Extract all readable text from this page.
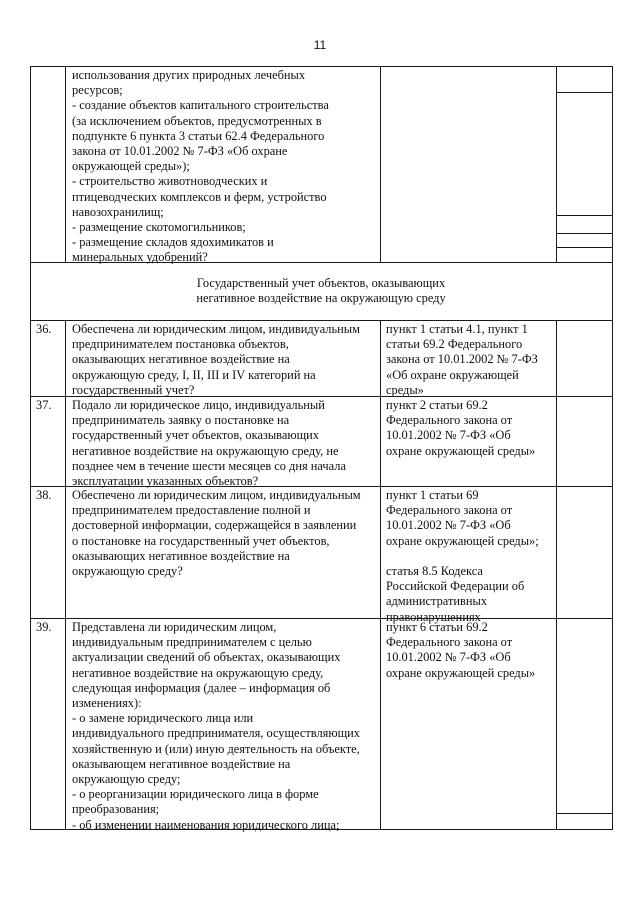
11
использования других природных лечебных
ресурсов;
- создание объектов капитального строительства
(за исключением объектов, предусмотренных в
подпункте 6 пункта 3 статьи 62.4 Федерального
закона от 10.01.2002 № 7-ФЗ «Об охране
окружающей среды»);
- строительство животноводческих и
птицеводческих комплексов и ферм, устройство
навозохранилищ;
- размещение скотомогильников;
- размещение складов ядохимикатов и
минеральных удобрений?
Государственный учет объектов, оказывающих
негативное воздействие на окружающую среду
36. Обеспечена ли юридическим лицом, индивидуальным
предпринимателем постановка объектов,
оказывающих негативное воздействие на
окружающую среду, I, II, III и IV категорий на
государственный учет?
пункт 1 статьи 4.1, пункт 1
статьи 69.2 Федерального
закона от 10.01.2002 № 7-ФЗ
«Об охране окружающей
среды»
37. Подало ли юридическое лицо, индивидуальный
предприниматель заявку о постановке на
государственный учет объектов, оказывающих
негативное воздействие на окружающую среду, не
позднее чем в течение шести месяцев со дня начала
эксплуатации указанных объектов?
пункт 2 статьи 69.2
Федерального закона от
10.01.2002 № 7-ФЗ «Об
охране окружающей среды»
38. Обеспечено ли юридическим лицом, индивидуальным
предпринимателем предоставление полной и
достоверной информации, содержащейся в заявлении
о постановке на государственный учет объектов,
оказывающих негативное воздействие на
окружающую среду?
пункт 1 статьи 69
Федерального закона от
10.01.2002 № 7-ФЗ «Об
охране окружающей среды»;

статья 8.5 Кодекса
Российской Федерации об
административных
правонарушениях
39. Представлена ли юридическим лицом,
индивидуальным предпринимателем с целью
актуализации сведений об объектах, оказывающих
негативное воздействие на окружающую среду,
следующая информация (далее – информация об
изменениях):
- о замене юридического лица или
индивидуального предпринимателя, осуществляющих
хозяйственную и (или) иную деятельность на объекте,
оказывающем негативное воздействие на
окружающую среду;
- о реорганизации юридического лица в форме
преобразования;
- об изменении наименования юридического лица;
пункт 6 статьи 69.2
Федерального закона от
10.01.2002 № 7-ФЗ «Об
охране окружающей среды»
